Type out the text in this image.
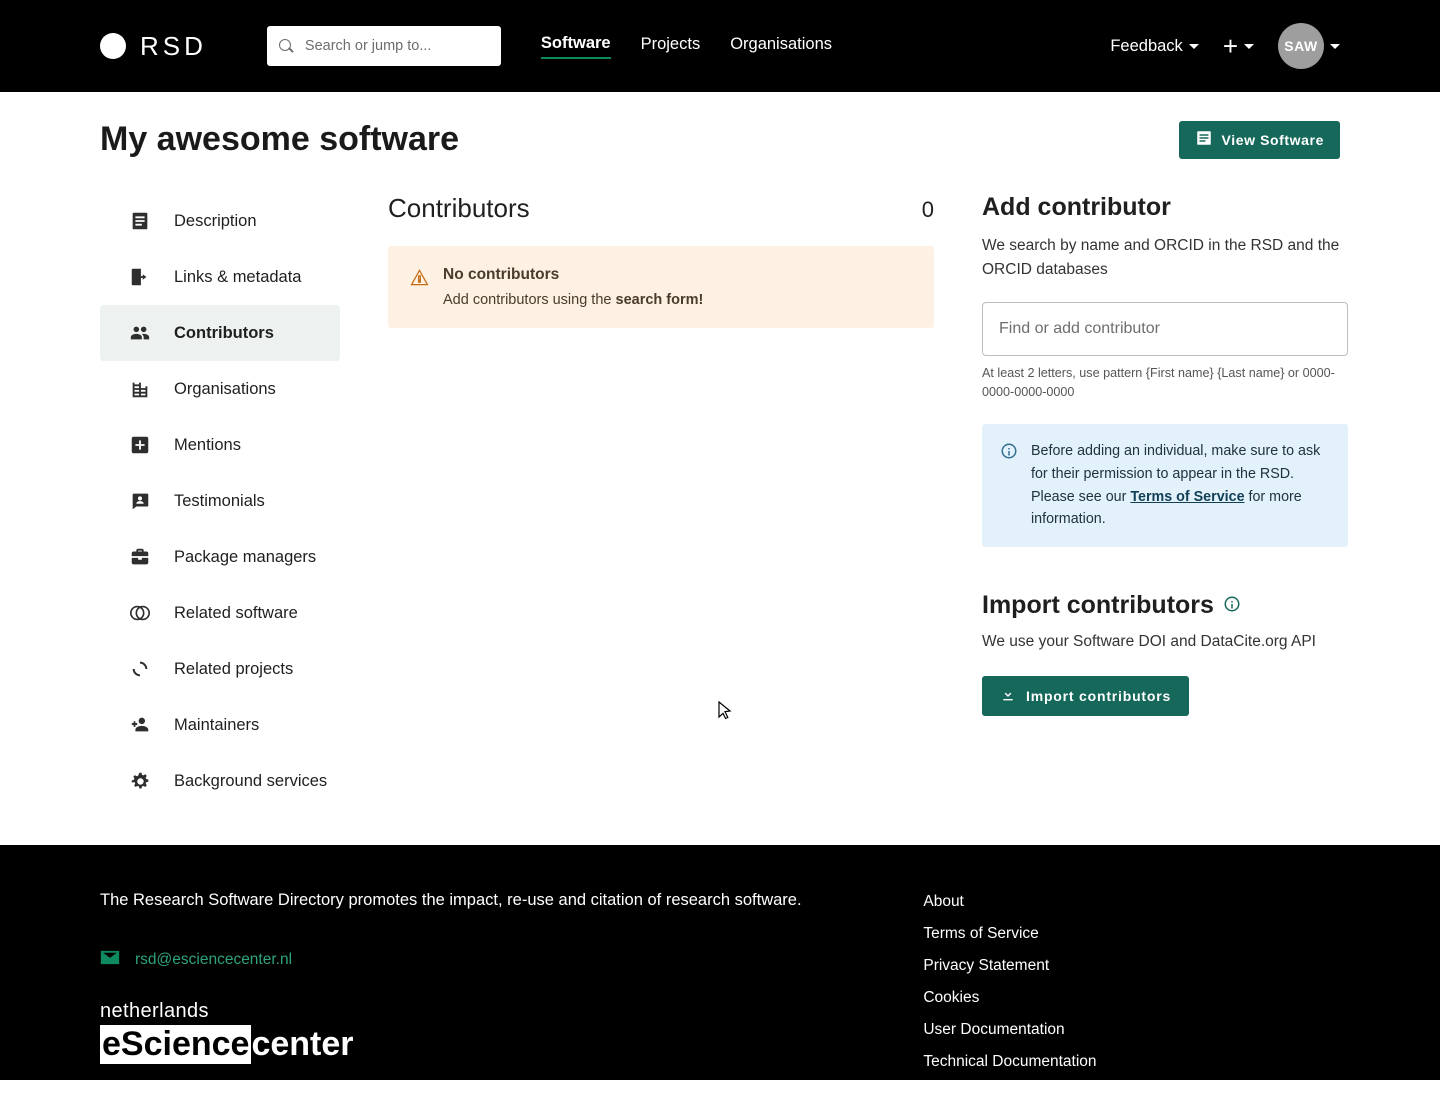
RSD
Search or jump to...	Software Projects Organisations	Feedback +	SAW
My awesome software	View Software
Description
Links & metadata
Contributors
Organisations
Mentions
Testimonials
Package managers
Related software
Related projects
Maintainers
Background services
Contributors	0
No contributors
Add contributors using the search form!
Add contributor

We search by name and ORCID in the RSD and the ORCID databases

Find or add contributor
At least 2 letters, use pattern {First name} {Last name} or 0000-0000-0000-0000

Before adding an individual, make sure to ask for their permission to appear in the RSD. Please see our Terms of Service for more information.

Import contributors

We use your Software DOI and DataCite.org API

Import contributors

The Research Software Directory promotes the impact, re-use and citation of research software.

rsd@esciencecenter.nl
netherlands
eScience center
About
Terms of Service
Privacy Statement
Cookies
User Documentation
Technical Documentation
Netherlands eScienceCenter
